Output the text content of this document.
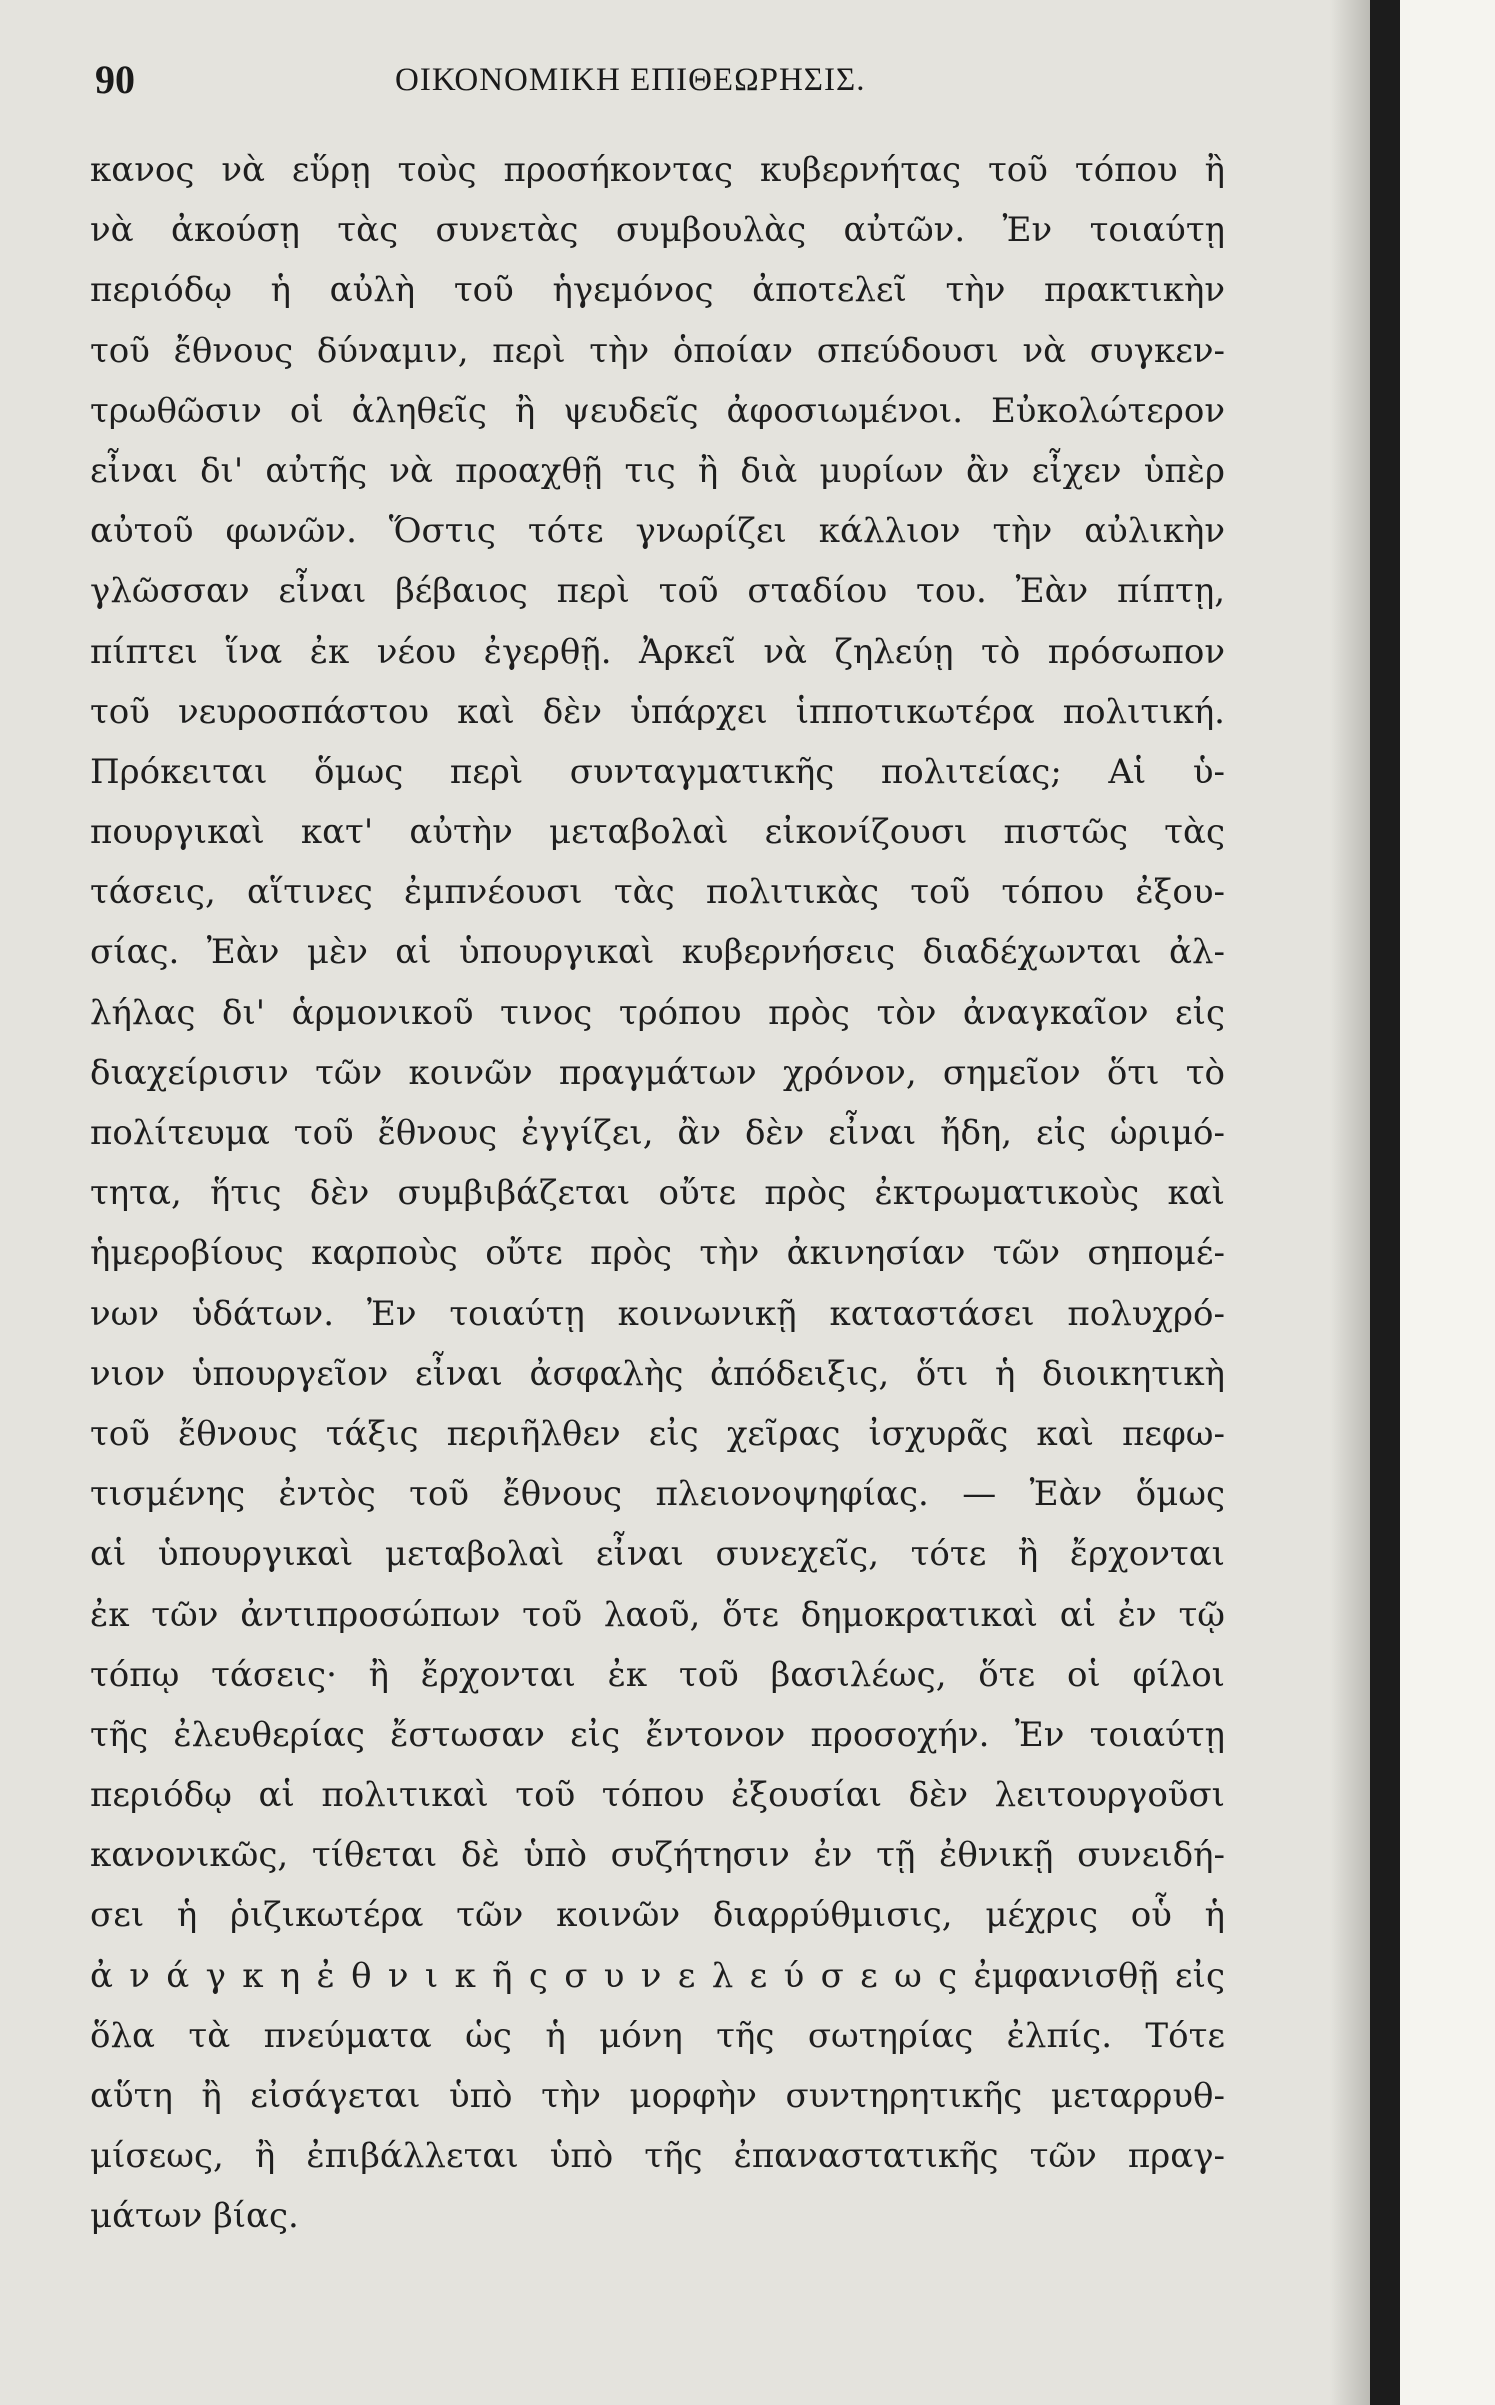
90	ΟΙΚΟΝΟΜΙΚΗ ΕΠΙΘΕΩΡΗΣΙΣ.
κανος νὰ εὕρῃ τοὺς προσήκοντας κυβερνήτας τοῦ τόπου ἢ
νὰ ἀκούσῃ τὰς συνετὰς συμβουλὰς αὐτῶν. Ἐν τοιαύτῃ
περιόδῳ ἡ αὐλὴ τοῦ ἡγεμόνος ἀποτελεῖ τὴν πρακτικὴν
τοῦ ἔθνους δύναμιν, περὶ τὴν ὁποίαν σπεύδουσι νὰ συγκεν-
τρωθῶσιν οἱ ἀληθεῖς ἢ ψευδεῖς ἀφοσιωμένοι. Εὐκολώτερον
εἶναι δι' αὐτῆς νὰ προαχθῇ τις ἢ διὰ μυρίων ἂν εἶχεν ὑπὲρ
αὐτοῦ φωνῶν. Ὅστις τότε γνωρίζει κάλλιον τὴν αὐλικὴν
γλῶσσαν εἶναι βέβαιος περὶ τοῦ σταδίου του. Ἐὰν πίπτῃ,
πίπτει ἵνα ἐκ νέου ἐγερθῇ. Ἀρκεῖ νὰ ζηλεύῃ τὸ πρόσωπον
τοῦ νευροσπάστου καὶ δὲν ὑπάρχει ἱπποτικωτέρα πολιτική.
Πρόκειται ὅμως περὶ συνταγματικῆς πολιτείας; Αἱ ὑ-
πουργικαὶ κατ' αὐτὴν μεταβολαὶ εἰκονίζουσι πιστῶς τὰς
τάσεις, αἵτινες ἐμπνέουσι τὰς πολιτικὰς τοῦ τόπου ἐξου-
σίας. Ἐὰν μὲν αἱ ὑπουργικαὶ κυβερνήσεις διαδέχωνται ἀλ-
λήλας δι' ἁρμονικοῦ τινος τρόπου πρὸς τὸν ἀναγκαῖον εἰς
διαχείρισιν τῶν κοινῶν πραγμάτων χρόνον, σημεῖον ὅτι τὸ
πολίτευμα τοῦ ἔθνους ἐγγίζει, ἂν δὲν εἶναι ἤδη, εἰς ὡριμό-
τητα, ἥτις δὲν συμβιβάζεται οὔτε πρὸς ἐκτρωματικοὺς καὶ
ἡμεροβίους καρποὺς οὔτε πρὸς τὴν ἀκινησίαν τῶν σηπομέ-
νων ὑδάτων. Ἐν τοιαύτῃ κοινωνικῇ καταστάσει πολυχρό-
νιον ὑπουργεῖον εἶναι ἀσφαλὴς ἀπόδειξις, ὅτι ἡ διοικητικὴ
τοῦ ἔθνους τάξις περιῆλθεν εἰς χεῖρας ἰσχυρᾶς καὶ πεφω-
τισμένης ἐντὸς τοῦ ἔθνους πλειονοψηφίας. — Ἐὰν ὅμως
αἱ ὑπουργικαὶ μεταβολαὶ εἶναι συνεχεῖς, τότε ἢ ἔρχονται
ἐκ τῶν ἀντιπροσώπων τοῦ λαοῦ, ὅτε δημοκρατικαὶ αἱ ἐν τῷ
τόπῳ τάσεις· ἢ ἔρχονται ἐκ τοῦ βασιλέως, ὅτε οἱ φίλοι
τῆς ἐλευθερίας ἔστωσαν εἰς ἔντονον προσοχήν. Ἐν τοιαύτῃ
περιόδῳ αἱ πολιτικαὶ τοῦ τόπου ἐξουσίαι δὲν λειτουργοῦσι
κανονικῶς, τίθεται δὲ ὑπὸ συζήτησιν ἐν τῇ ἐθνικῇ συνειδή-
σει ἡ ῥιζικωτέρα τῶν κοινῶν διαρρύθμισις, μέχρις οὗ ἡ
ἀ ν ά γ κ η ἐ θ ν ι κ ῆ ς σ υ ν ε λ ε ύ σ ε ω ς ἐμφανισθῇ εἰς
ὅλα τὰ πνεύματα ὡς ἡ μόνη τῆς σωτηρίας ἐλπίς. Τότε
αὕτη ἢ εἰσάγεται ὑπὸ τὴν μορφὴν συντηρητικῆς μεταρρυθ-
μίσεως, ἢ ἐπιβάλλεται ὑπὸ τῆς ἐπαναστατικῆς τῶν πραγ-
μάτων βίας.
